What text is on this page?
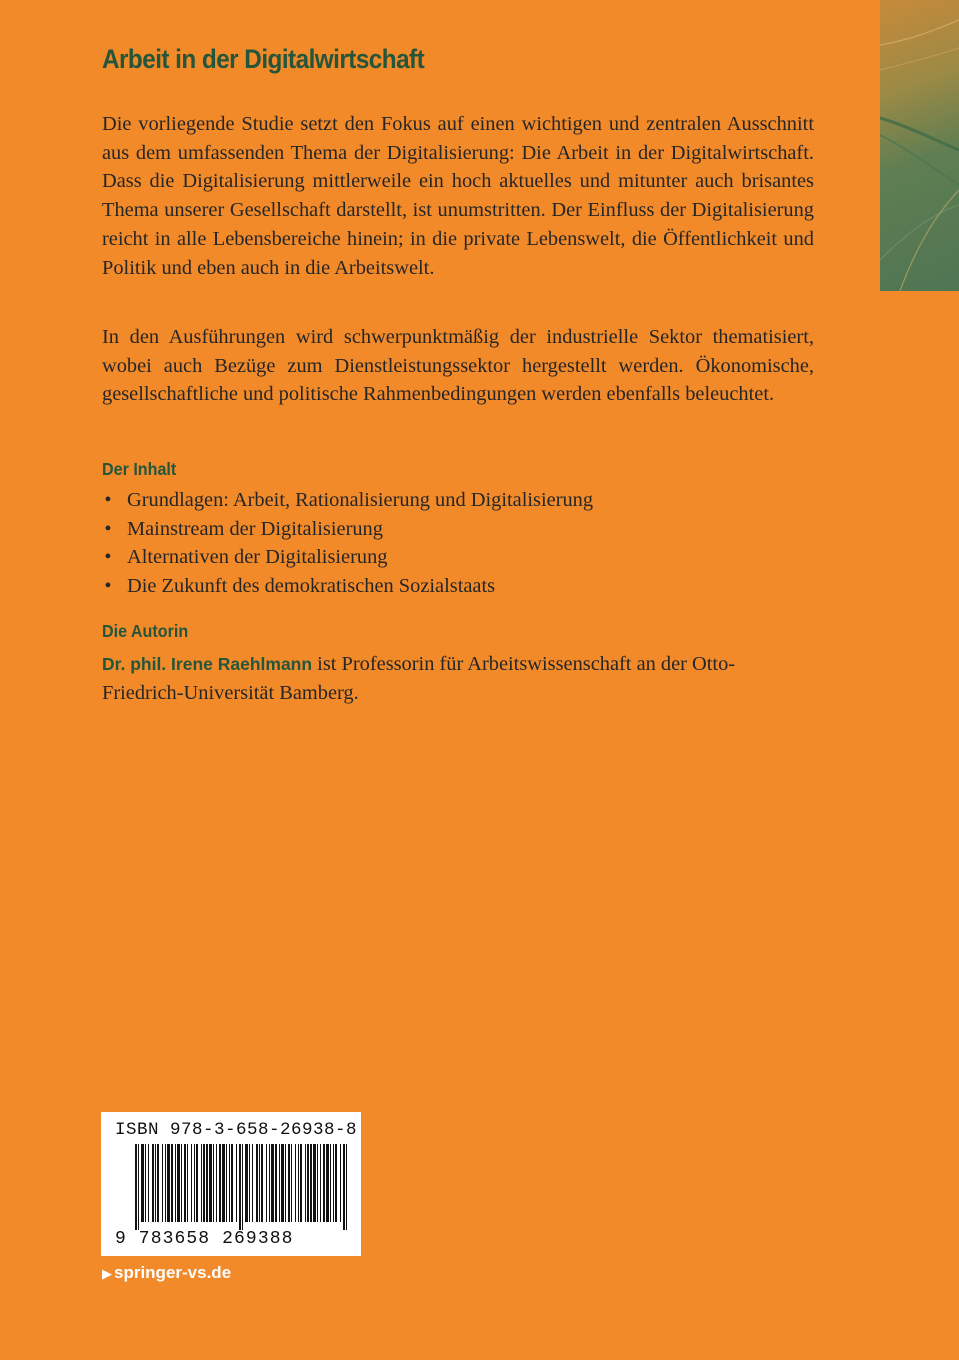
Arbeit in der Digitalwirtschaft

Die vorliegende Studie setzt den Fokus auf einen wichtigen und zentralen Ausschnitt aus dem umfassenden Thema der Digitalisierung: Die Arbeit in der Digitalwirtschaft. Dass die Digitalisierung mittlerweile ein hoch aktuelles und mitunter auch brisantes Thema unserer Gesellschaft darstellt, ist unumstritten. Der Einfluss der Digitalisierung reicht in alle Lebensbereiche hinein; in die private Lebenswelt, die Öffentlichkeit und Politik und eben auch in die Arbeitswelt.

In den Ausführungen wird schwerpunktmäßig der industrielle Sektor thematisiert, wobei auch Bezüge zum Dienstleistungssektor hergestellt werden. Ökonomische, gesellschaftliche und politische Rahmenbedingungen werden ebenfalls beleuchtet.

Der Inhalt
• Grundlagen: Arbeit, Rationalisierung und Digitalisierung
• Mainstream der Digitalisierung
• Alternativen der Digitalisierung
• Die Zukunft des demokratischen Sozialstaats
Die Autorin

Dr. phil. Irene Raehlmann ist Professorin für Arbeitswissenschaft an der Otto-Friedrich-Universität Bamberg.

ISBN 978-3-658-26938-8
9 783658 269388
▶ springer-vs.de
